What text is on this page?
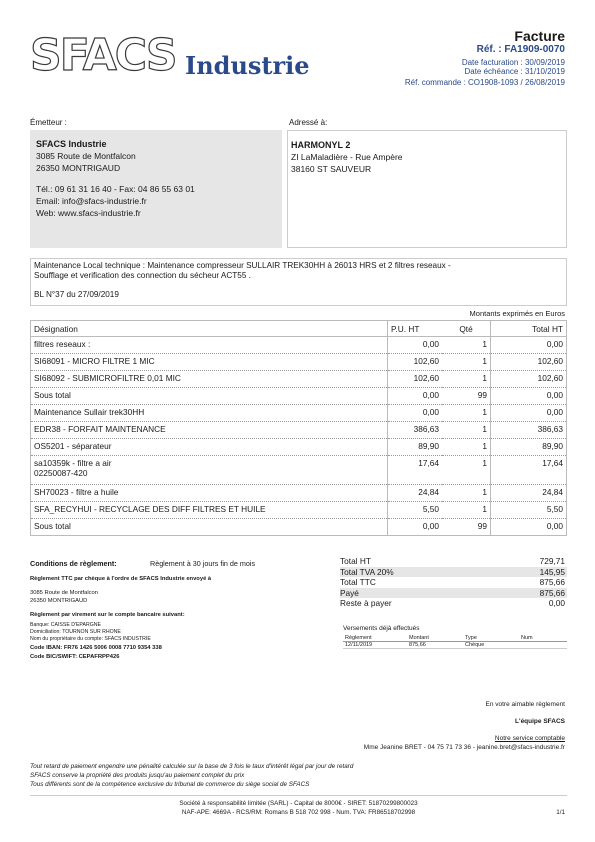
SFACS Industrie
Facture
Réf. : FA1909-0070
Date facturation : 30/09/2019
Date échéance : 31/10/2019
Réf. commande : CO1908-1093 / 26/08/2019
Émetteur :
SFACS Industrie
3085 Route de Montfalcon
26350 MONTRIGAUD
Tél.: 09 61 31 16 40 - Fax: 04 86 55 63 01
Email: info@sfacs-industrie.fr
Web: www.sfacs-industrie.fr
Adressé à:
HARMONYL 2
ZI LaMaladière - Rue Ampère
38160 ST SAUVEUR
Maintenance Local technique : Maintenance compresseur SULLAIR TREK30HH à 26013 HRS et 2 filtres reseaux -
Soufflage et verification des connection du sécheur ACT55 .
BL N°37 du 27/09/2019
Montants exprimés en Euros
Désignation	P.U. HT	Qté	Total HT

filtres reseaux :	0,00	1	0,00

SI68091 - MICRO FILTRE 1 MIC	102,60	1	102,60

SI68092 - SUBMICROFILTRE 0,01 MIC	102,60	1	102,60

Sous total	0,00	99	0,00

Maintenance Sullair trek30HH	0,00	1	0,00

EDR38 - FORFAIT MAINTENANCE	386,63	1	386,63

OS5201 - séparateur	89,90	1	89,90

sa10359k - filtre a air
02250087-420	17,64	1	17,64

SH70023 - filtre a huile	24,84	1	24,84

SFA_RECYHUI - RECYCLAGE DES DIFF FILTRES ET HUILE	5,50	1	5,50

Sous total	0,00	99	0,00
Conditions de règlement:	Règlement à 30 jours fin de mois
Règlement TTC par chèque à l'ordre de SFACS Industrie envoyé à
3085 Route de Montfalcon
26350 MONTRIGAUD
Règlement par virement sur le compte bancaire suivant:
Banque: CAISSE D'EPARGNE
Domiciliation: TOURNON SUR RHONE
Nom du propriétaire du compte: SFACS INDUSTRIE
Code IBAN: FR76 1426 5006 0008 7710 9354 338
Code BIC/SWIFT: CEPAFRPP426
Total HT	729,71
Total TVA 20%	145,95
Total TTC	875,66
Payé	875,66
Reste à payer	0,00
Versements déjà effectués
Règlement	Montant	Type	Num
12/11/2019	875,66	Chèque	
En votre aimable règlement
L'équipe SFACS
Notre service comptable
Mme Jeanine BRET - 04 75 71 73 36 - jeanine.bret@sfacs-industrie.fr
Tout retard de paiement engendre une pénalité calculée sur la base de 3 fois le taux d'intérêt légal par jour de retard
SFACS conserve la propriété des produits jusqu'au paiement complet du prix
Tous différents sont de la compétence exclusive du tribunal de commerce du siège social de SFACS
Société à responsabilité limitée (SARL) - Capital de 8000€ - SIRET: 51870299800023
NAF-APE: 4669A - RCS/RM: Romans B 518 702 998 - Num. TVA: FR86518702998	1/1
